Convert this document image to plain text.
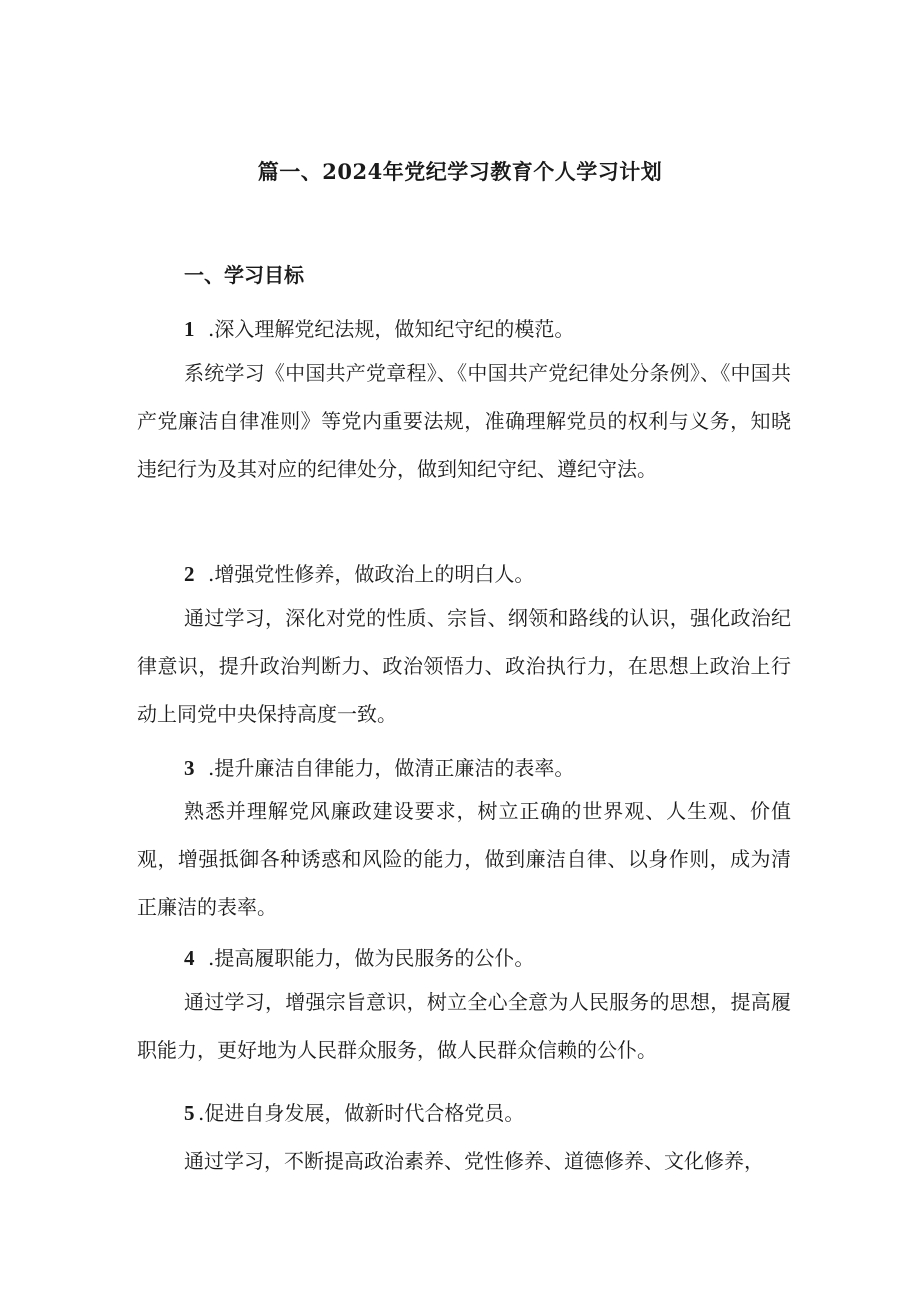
篇一、2024年党纪学习教育个人学习计划
一、学习目标
1 .深入理解党纪法规，做知纪守纪的模范。
系统学习《中国共产党章程》、《中国共产党纪律处分条例》、《中国共产党廉洁自律准则》等党内重要法规，准确理解党员的权利与义务，知晓违纪行为及其对应的纪律处分，做到知纪守纪、遵纪守法。
2 .增强党性修养，做政治上的明白人。
通过学习，深化对党的性质、宗旨、纲领和路线的认识，强化政治纪律意识，提升政治判断力、政治领悟力、政治执行力，在思想上政治上行动上同党中央保持高度一致。
3 .提升廉洁自律能力，做清正廉洁的表率。
熟悉并理解党风廉政建设要求，树立正确的世界观、人生观、价值观，增强抵御各种诱惑和风险的能力，做到廉洁自律、以身作则，成为清正廉洁的表率。
4 .提高履职能力，做为民服务的公仆。
通过学习，增强宗旨意识，树立全心全意为人民服务的思想，提高履职能力，更好地为人民群众服务，做人民群众信赖的公仆。
5 .促进自身发展，做新时代合格党员。
通过学习，不断提高政治素养、党性修养、道德修养、文化修养，
